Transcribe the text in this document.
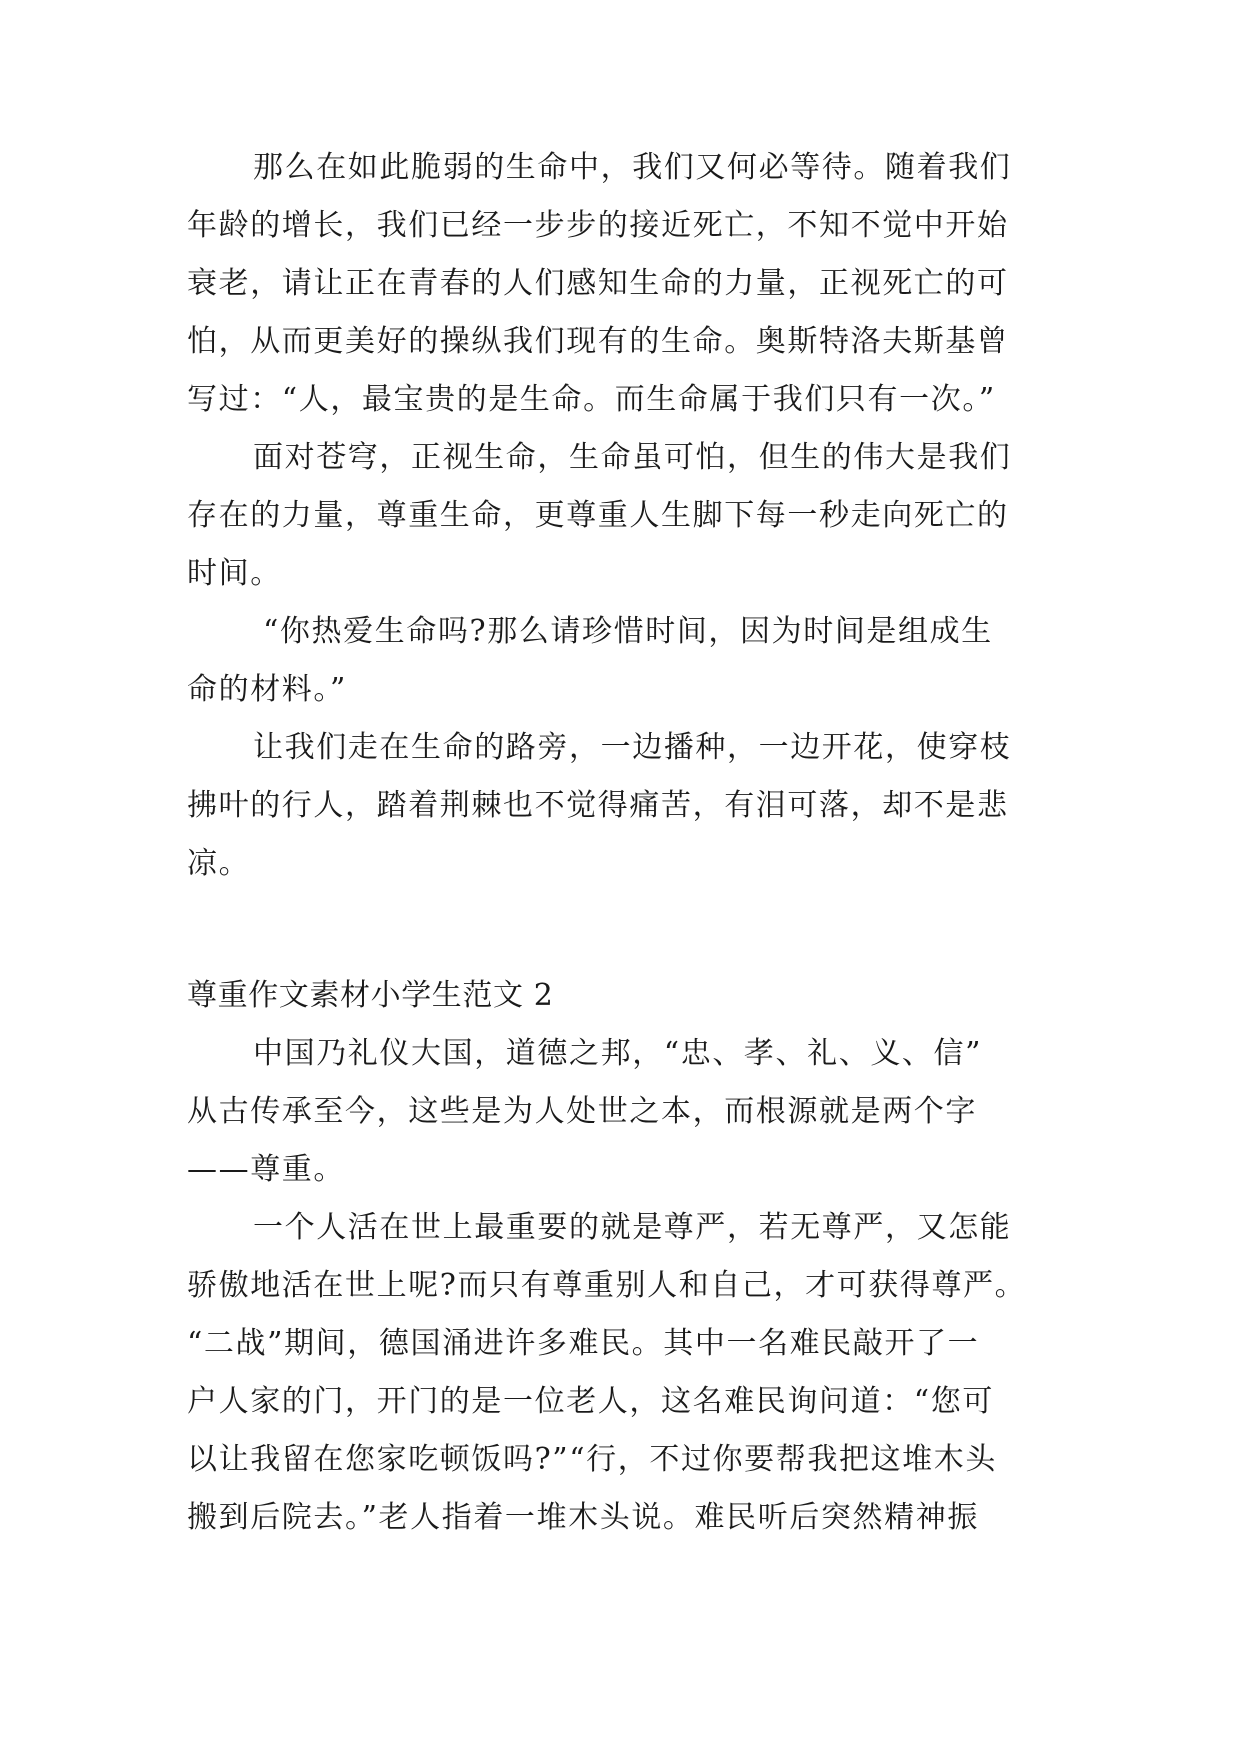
那么在如此脆弱的生命中，我们又何必等待。随着我们
年龄的增长，我们已经一步步的接近死亡，不知不觉中开始
衰老，请让正在青春的人们感知生命的力量，正视死亡的可
怕，从而更美好的操纵我们现有的生命。奥斯特洛夫斯基曾
写过：“人，最宝贵的是生命。而生命属于我们只有一次。”
面对苍穹，正视生命，生命虽可怕，但生的伟大是我们
存在的力量，尊重生命，更尊重人生脚下每一秒走向死亡的
时间。
“你热爱生命吗?那么请珍惜时间，因为时间是组成生
命的材料。”
让我们走在生命的路旁，一边播种，一边开花，使穿枝
拂叶的行人，踏着荆棘也不觉得痛苦，有泪可落，却不是悲
凉。
尊重作文素材小学生范文 2
中国乃礼仪大国，道德之邦，“忠、孝、礼、义、信”
从古传承至今，这些是为人处世之本，而根源就是两个字
——尊重。
一个人活在世上最重要的就是尊严，若无尊严，又怎能
骄傲地活在世上呢?而只有尊重别人和自己，才可获得尊严。
“二战”期间，德国涌进许多难民。其中一名难民敲开了一
户人家的门，开门的是一位老人，这名难民询问道：“您可
以让我留在您家吃顿饭吗?”“行，不过你要帮我把这堆木头
搬到后院去。”老人指着一堆木头说。难民听后突然精神振
